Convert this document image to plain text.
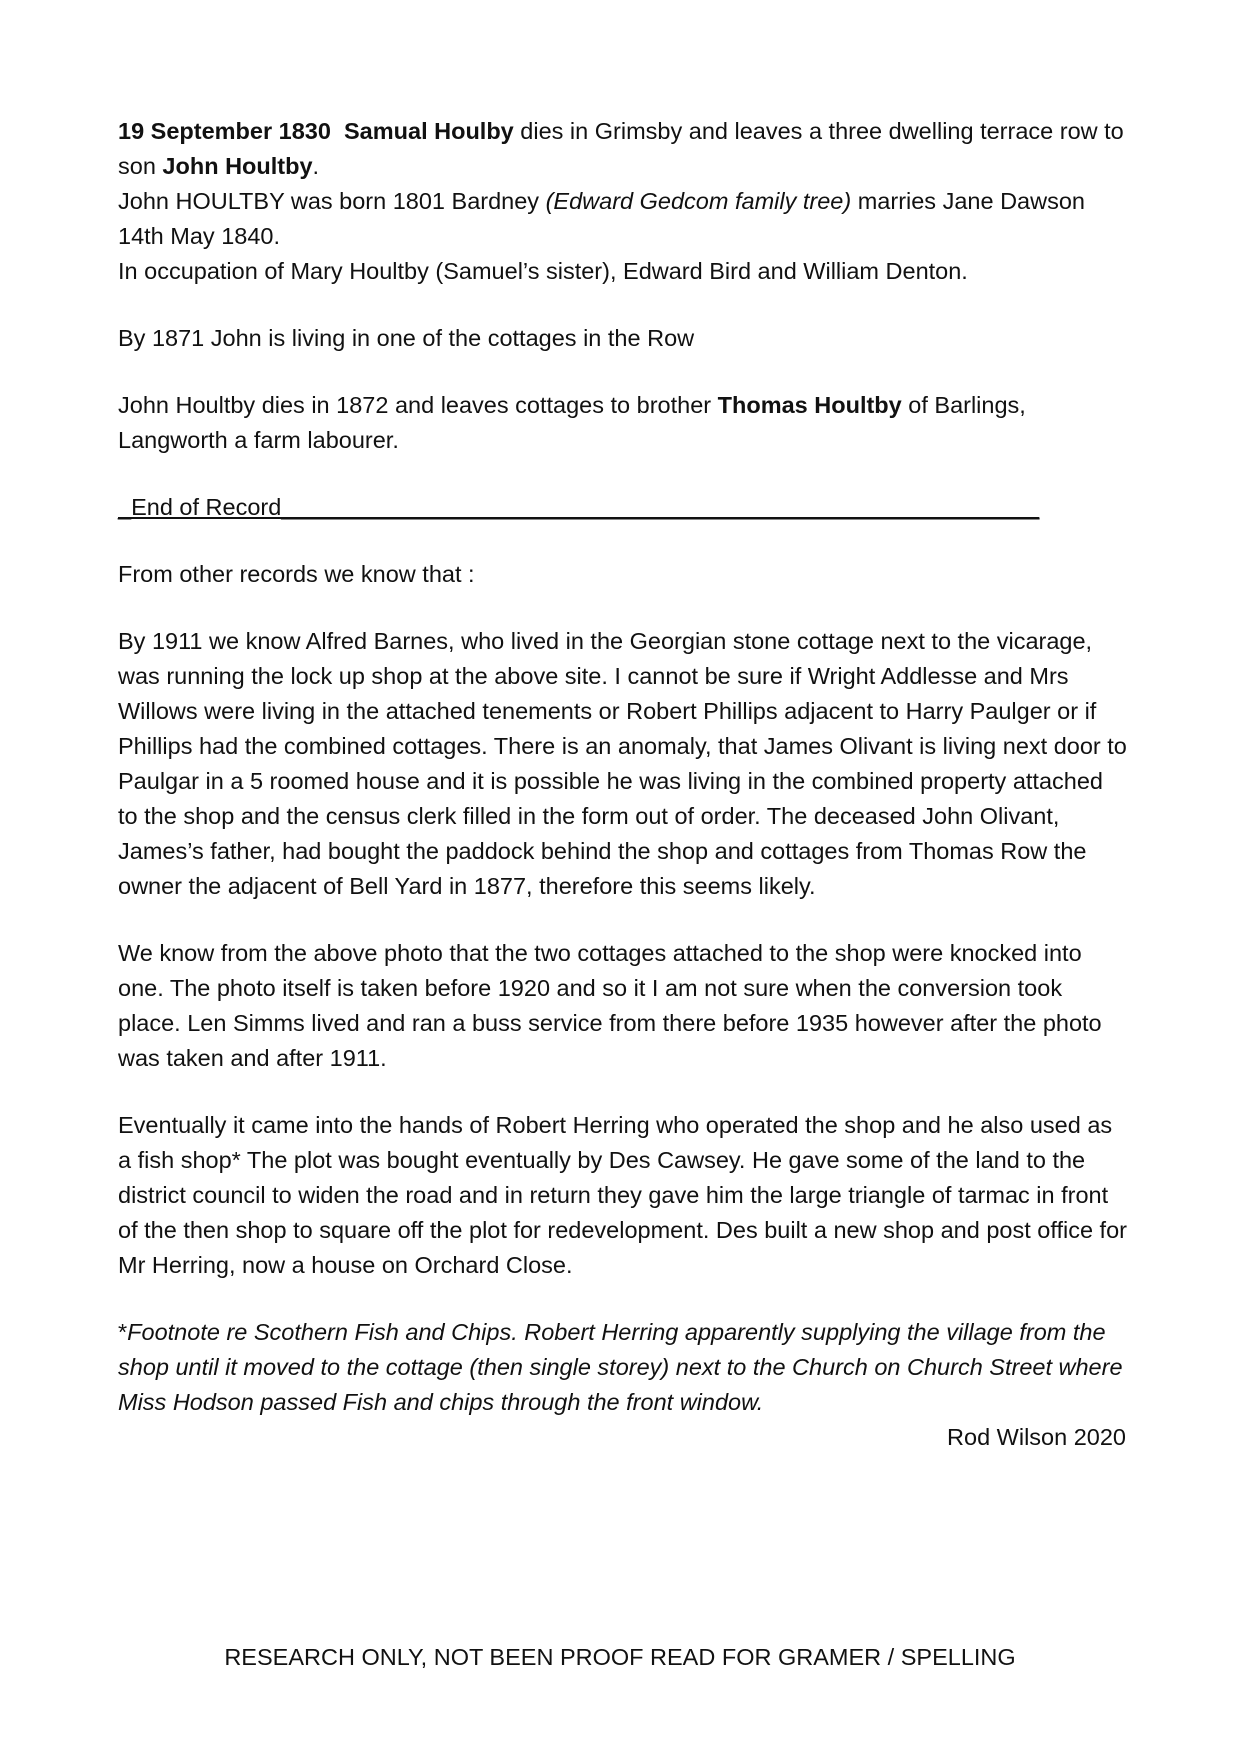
19 September 1830 Samual Houlby dies in Grimsby and leaves a three dwelling terrace row to son John Houltby.

John HOULTBY was born 1801 Bardney (Edward Gedcom family tree) marries Jane Dawson 14th May 1840.

In occupation of Mary Houltby (Samuel’s sister), Edward Bird and William Denton.

By 1871 John is living in one of the cottages in the Row

John Houltby dies in 1872 and leaves cottages to brother Thomas Houltby of Barlings, Langworth a farm labourer.

_End of Record__________________________________________________________

From other records we know that :

By 1911 we know Alfred Barnes, who lived in the Georgian stone cottage next to the vicarage, was running the lock up shop at the above site. I cannot be sure if Wright Addlesse and Mrs Willows were living in the attached tenements or Robert Phillips adjacent to Harry Paulger or if Phillips had the combined cottages. There is an anomaly, that James Olivant is living next door to Paulgar in a 5 roomed house and it is possible he was living in the combined property attached to the shop and the census clerk filled in the form out of order. The deceased John Olivant, James’s father, had bought the paddock behind the shop and cottages from Thomas Row the owner the adjacent of Bell Yard in 1877, therefore this seems likely.

We know from the above photo that the two cottages attached to the shop were knocked into one. The photo itself is taken before 1920 and so it I am not sure when the conversion took place. Len Simms lived and ran a buss service from there before 1935 however after the photo was taken and after 1911.

Eventually it came into the hands of Robert Herring who operated the shop and he also used as a fish shop* The plot was bought eventually by Des Cawsey. He gave some of the land to the district council to widen the road and in return they gave him the large triangle of tarmac in front of the then shop to square off the plot for redevelopment. Des built a new shop and post office for Mr Herring, now a house on Orchard Close.

*Footnote re Scothern Fish and Chips. Robert Herring apparently supplying the village from the shop until it moved to the cottage (then single storey) next to the Church on Church Street where Miss Hodson passed Fish and chips through the front window.

Rod Wilson 2020

RESEARCH ONLY, NOT BEEN PROOF READ FOR GRAMER / SPELLING
